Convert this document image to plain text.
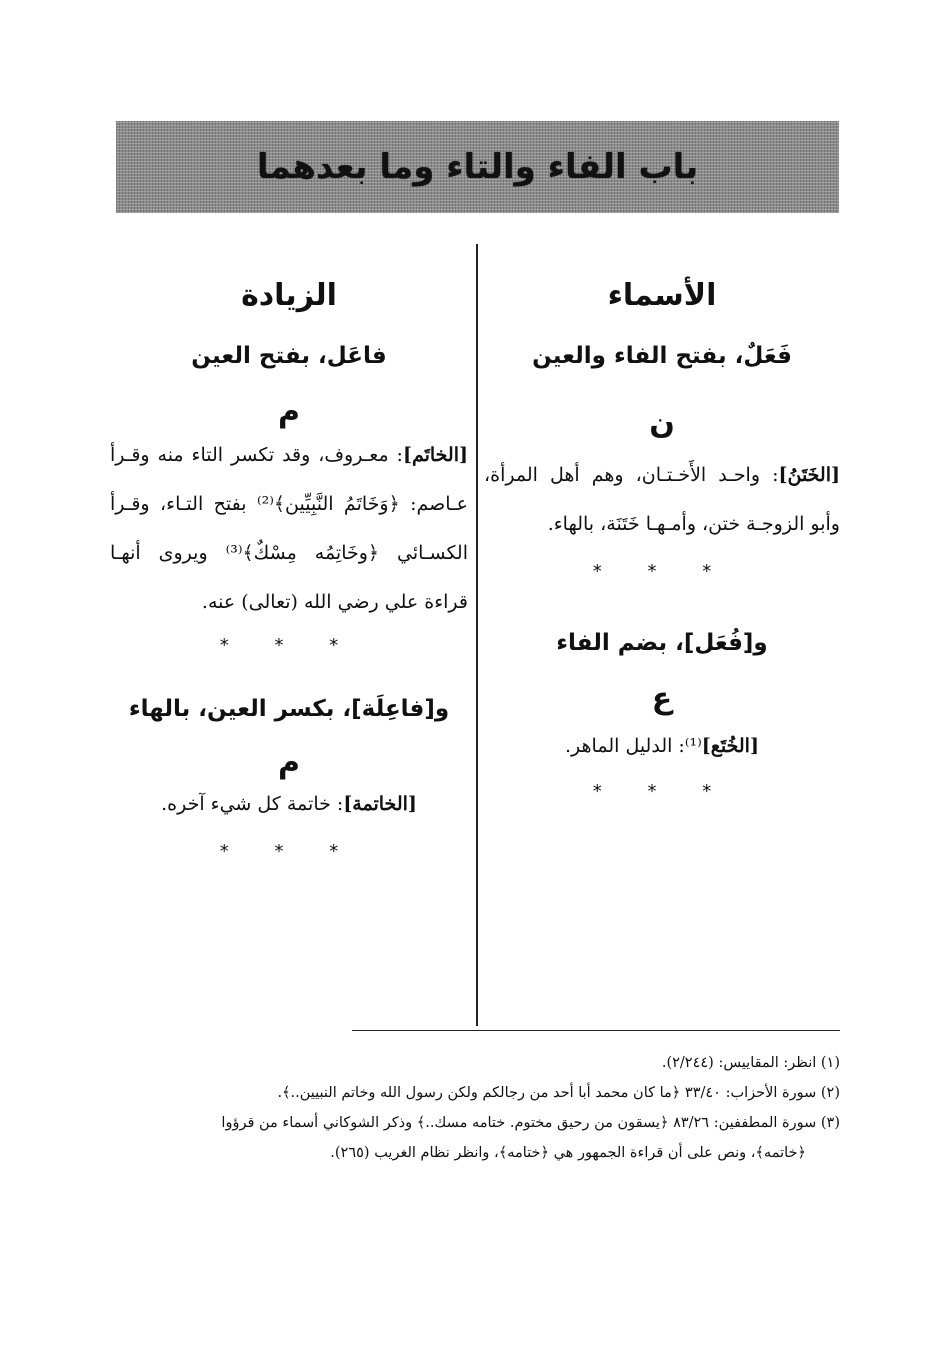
باب الفاء والتاء وما بعدهما

الأسماء

فَعَلٌ، بفتح الفاء والعين

ن

[الخَتَنُ]: واحـد الأَخـتـان، وهم أهل المرأة، وأبو الزوجـة ختن، وأمـهـا خَتَنَة، بالهاء.

* * *

و[فُعَل]، بضم الفاء

ع

[الخُتَع]⁽¹⁾: الدليل الماهر.

* * *

الزيادة

فاعَل، بفتح العين

م

[الخاتَم]: معـروف، وقد تكسر التاء منه وقـرأ عـاصم: ﴿وَخَاتَمُ النَّبِيِّين﴾⁽²⁾ بفتح التـاء، وقـرأ الكسـائي ﴿وخَاتِمُه مِسْكٌ﴾⁽³⁾ ويروى أنهـا قراءة علي رضي الله (تعالى) عنه.

* * *

و[فاعِلَة]، بكسر العين، بالهاء

م

[الخاتمة]: خاتمة كل شيء آخره.

* * *

(١) انظر: المقاييس: (٢/٢٤٤).

(٢) سورة الأحزاب: ٣٣/٤٠ ﴿ما كان محمد أبا أحد من رجالكم ولكن رسول الله وخاتم النبيين..﴾.

(٣) سورة المطففين: ٨٣/٢٦ ﴿يسقون من رحيق مختوم. ختامه مسك..﴾ وذكر الشوكاني أسماء من قرؤوا

﴿خاتمه﴾، ونص على أن قراءة الجمهور هي ﴿ختامه﴾، وانظر نظام الغريب (٢٦٥).
